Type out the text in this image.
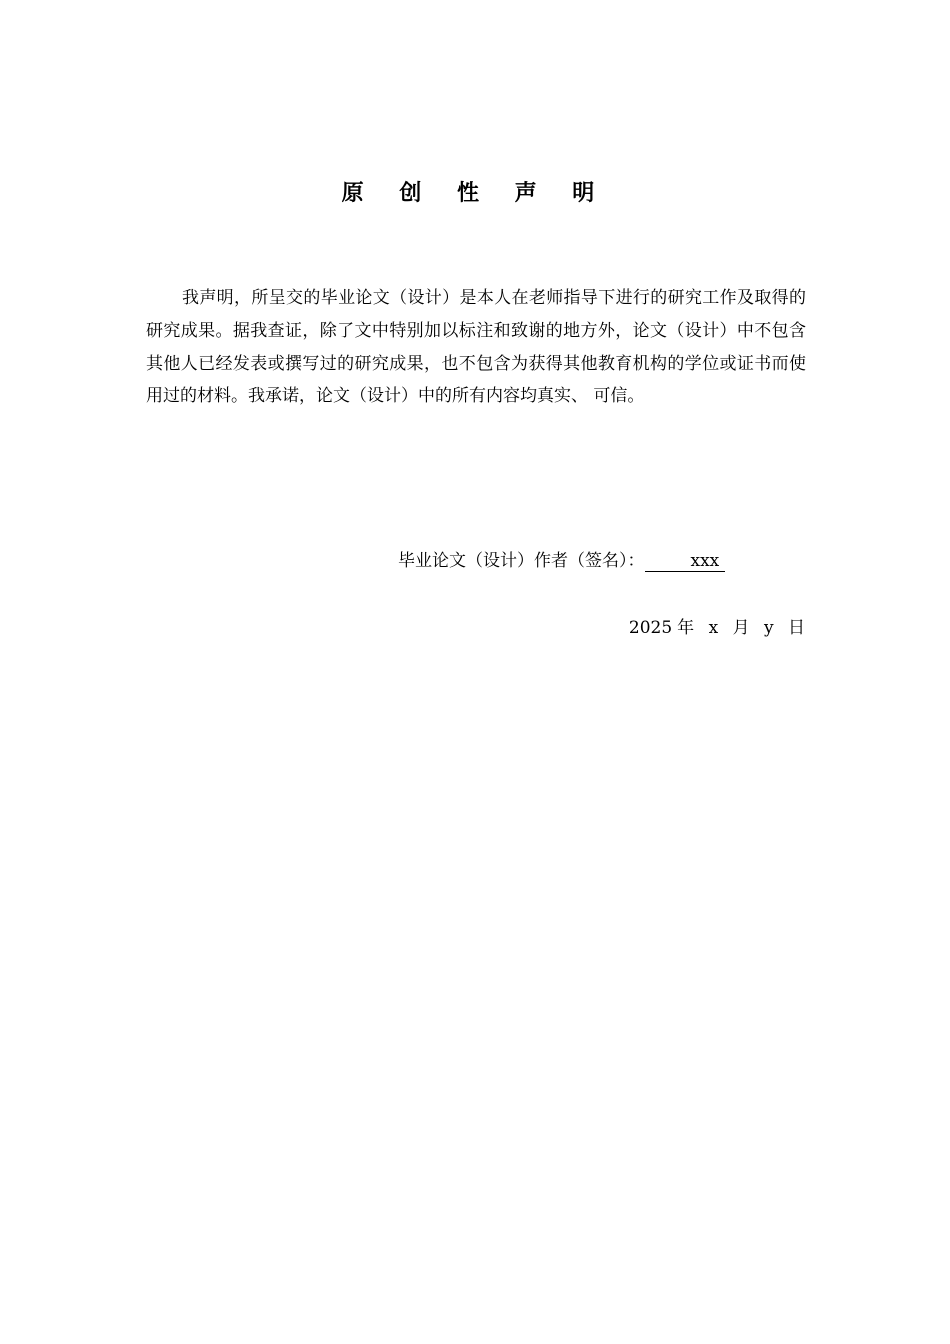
原 创 性 声 明

我声明，所呈交的毕业论文（设计）是本人在老师指导下进行的研究工作及取得的研究成果。据我查证，除了文中特别加以标注和致谢的地方外，论文（设计）中不包含其他人已经发表或撰写过的研究成果，也不包含为获得其他教育机构的学位或证书而使用过的材料。我承诺，论文（设计）中的所有内容均真实、 可信。

毕业论文（设计）作者（签名）：	xxx
2025 年 x 月 y 日
